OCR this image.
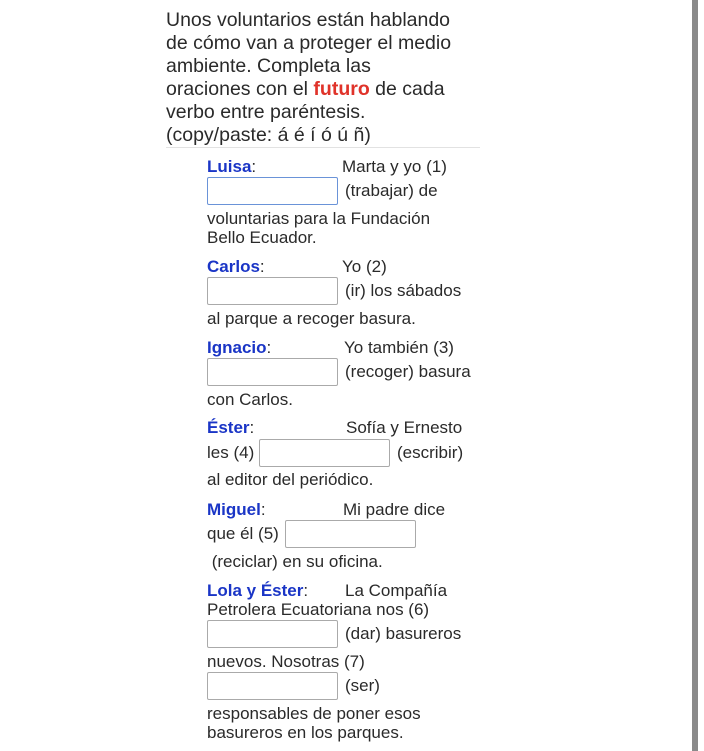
Unos voluntarios están hablando
de cómo van a proteger el medio
ambiente. Completa las
oraciones con el futuro de cada
verbo entre paréntesis.
(copy/paste: á é í ó ú ñ)
Luisa:	Marta y yo (1)
(trabajar) de
voluntarias para la Fundación
Bello Ecuador.
Carlos:	Yo (2)
(ir) los sábados
al parque a recoger basura.
Ignacio:	Yo también (3)
(recoger) basura
con Carlos.
Éster:	Sofía y Ernesto
les (4)	(escribir)
al editor del periódico.
Miguel:	Mi padre dice
que él (5)
(reciclar) en su oficina.
Lola y Éster: La Compañía
Petrolera Ecuatoriana nos (6)
(dar) basureros
nuevos. Nosotras (7)
(ser)
responsables de poner esos
basureros en los parques.
